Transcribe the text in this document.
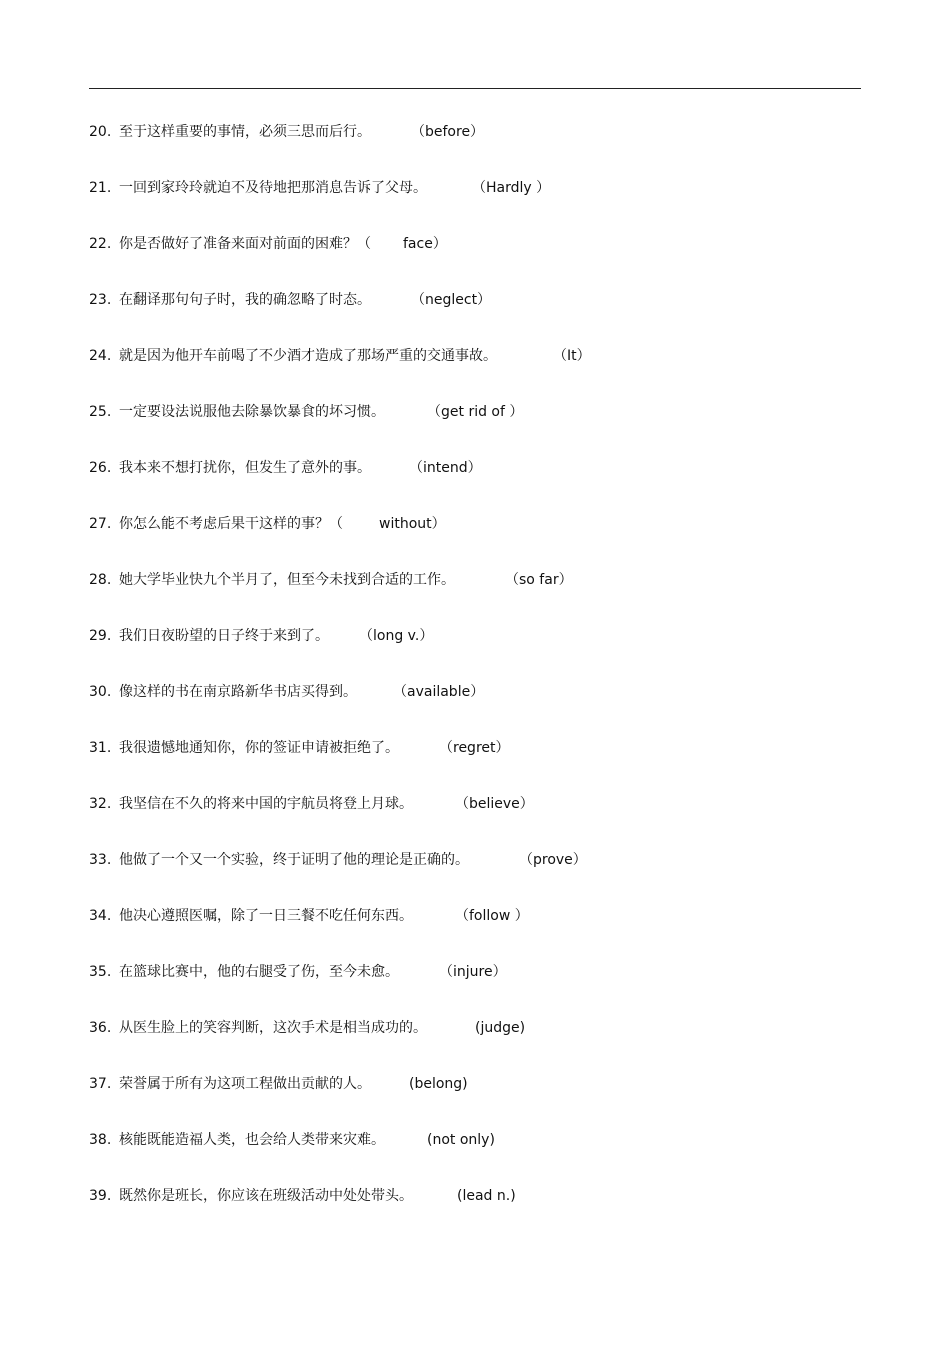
20. 至于这样重要的事情，必须三思而后行。	（before）
21. 一回到家玲玲就迫不及待地把那消息告诉了父母。	（Hardly ）
22. 你是否做好了准备来面对前面的困难？（ face）
23. 在翻译那句句子时，我的确忽略了时态。	（neglect）
24. 就是因为他开车前喝了不少酒才造成了那场严重的交通事故。	（It）
25. 一定要设法说服他去除暴饮暴食的坏习惯。	（get rid of ）
26. 我本来不想打扰你，但发生了意外的事。	（intend）
27. 你怎么能不考虑后果干这样的事？（	without）
28. 她大学毕业快九个半月了，但至今未找到合适的工作。	（so far）
29. 我们日夜盼望的日子终于来到了。 （long v.）
30. 像这样的书在南京路新华书店买得到。	（available）
31. 我很遗憾地通知你，你的签证申请被拒绝了。	（regret）
32. 我坚信在不久的将来中国的宇航员将登上月球。	（believe）
33. 他做了一个又一个实验，终于证明了他的理论是正确的。	（prove）
34. 他决心遵照医嘱，除了一日三餐不吃任何东西。	（follow ）
35. 在篮球比赛中，他的右腿受了伤，至今未愈。	（injure）
36. 从医生脸上的笑容判断，这次手术是相当成功的。	(judge)
37. 荣誉属于所有为这项工程做出贡献的人。	(belong)
38. 核能既能造福人类，也会给人类带来灾难。	(not only)
39. 既然你是班长，你应该在班级活动中处处带头。	(lead n.)
